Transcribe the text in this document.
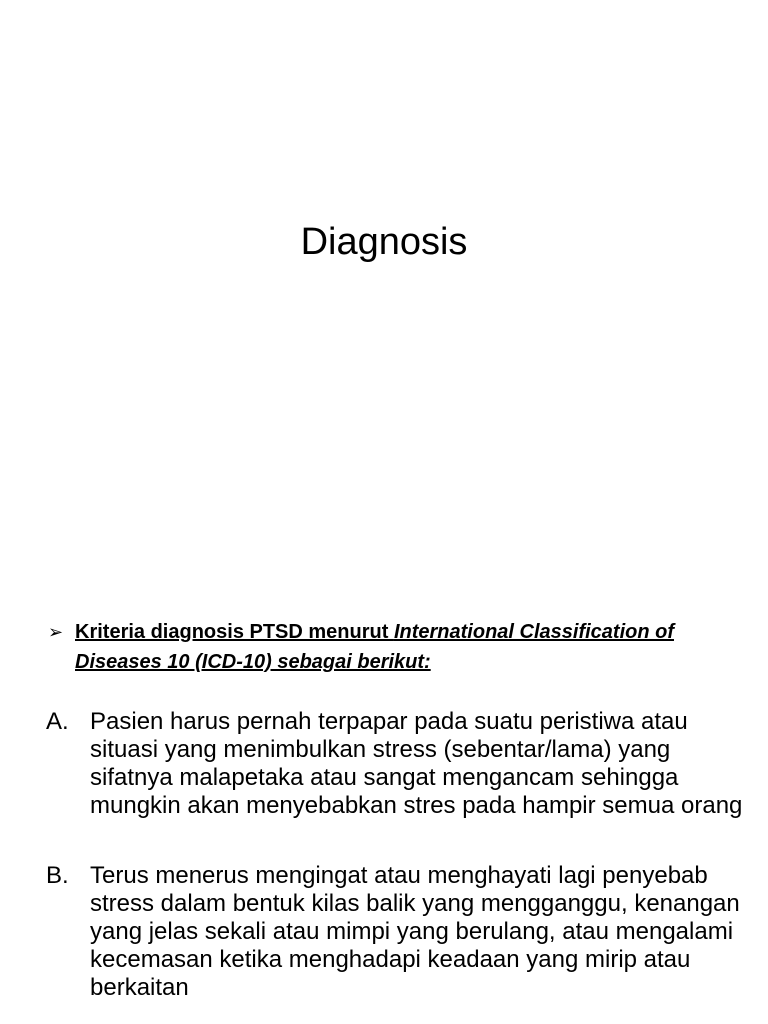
Diagnosis
➢ Kriteria diagnosis PTSD menurut International Classification of Diseases 10 (ICD-10) sebagai berikut:
A. Pasien harus pernah terpapar pada suatu peristiwa atau situasi yang menimbulkan stress (sebentar/lama) yang sifatnya malapetaka atau sangat mengancam sehingga mungkin akan menyebabkan stres pada hampir semua orang
B. Terus menerus mengingat atau menghayati lagi penyebab stress dalam bentuk kilas balik yang mengganggu, kenangan yang jelas sekali atau mimpi yang berulang, atau mengalami kecemasan ketika menghadapi keadaan yang mirip atau berkaitan
